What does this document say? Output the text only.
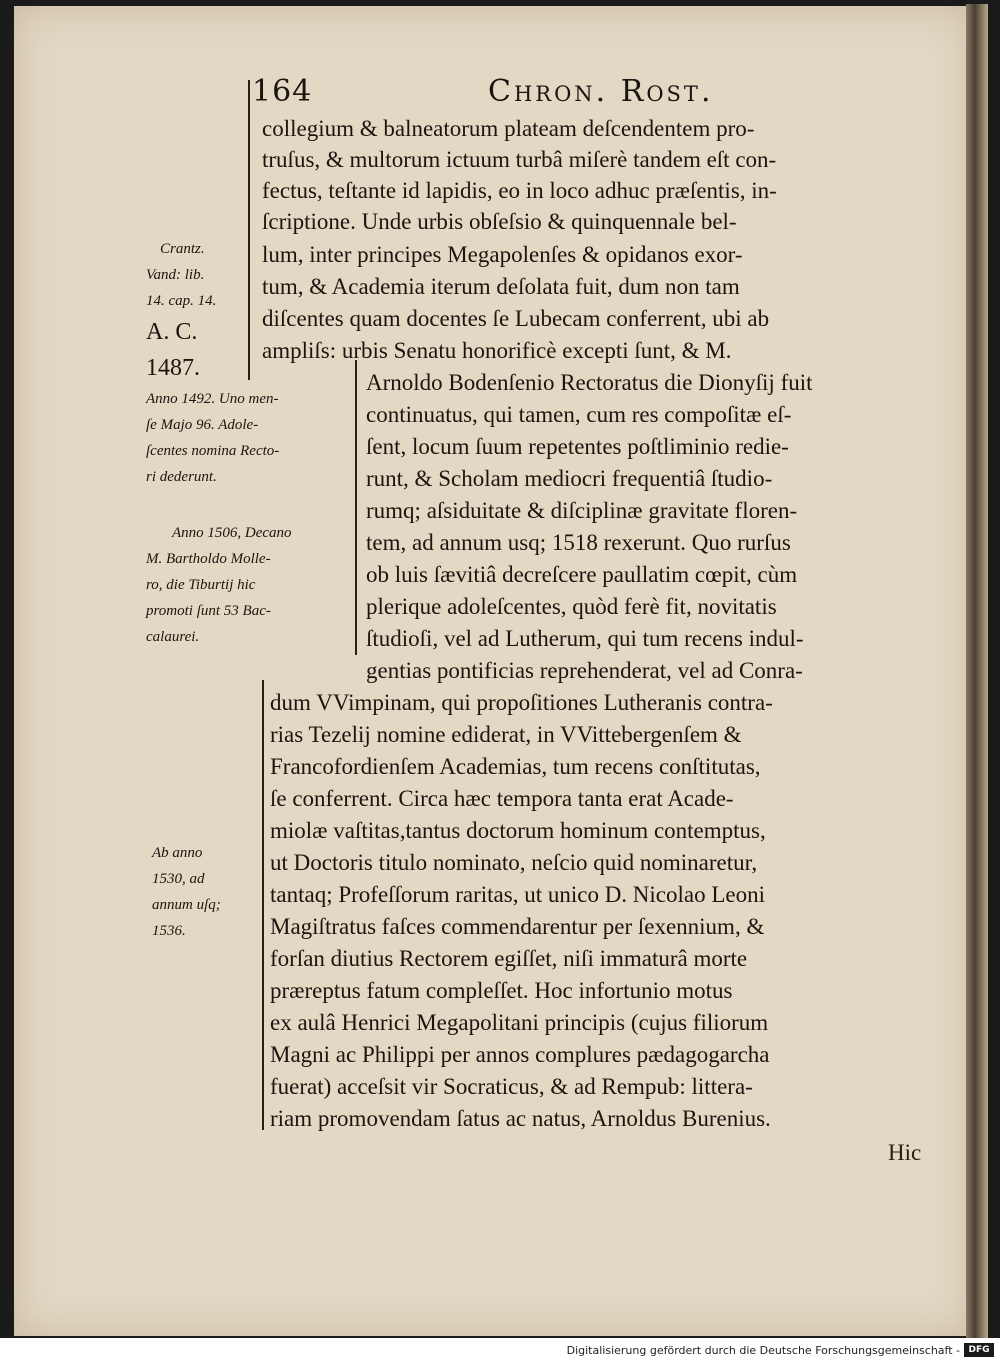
164	Chron. Rost.
collegium & balneatorum plateam deſcendentem pro-
truſus, & multorum ictuum turbâ miſerè tandem eſt con-
fectus, teſtante id lapidis, eo in loco adhuc præſentis, in-
ſcriptione. Unde urbis obſeſsio & quinquennale bel-
lum, inter principes Megapolenſes & opidanos exor-
tum, & Academia iterum deſolata fuit, dum non tam
diſcentes quam docentes ſe Lubecam conferrent, ubi ab
ampliſs: urbis Senatu honorificè excepti ſunt, & M.
Arnoldo Bodenſenio Rectoratus die Dionyſij fuit
continuatus, qui tamen, cum res compoſitæ eſ-
ſent, locum ſuum repetentes poſtliminio redie-
runt, & Scholam mediocri frequentiâ ſtudio-
rumq; aſsiduitate & diſciplinæ gravitate floren-
tem, ad annum usq; 1518 rexerunt. Quo rurſus
ob luis ſævitiâ decreſcere paullatim cœpit, cùm
plerique adoleſcentes, quòd ferè fit, novitatis
ſtudioſi, vel ad Lutherum, qui tum recens indul-
gentias pontificias reprehenderat, vel ad Conra-
dum VVimpinam, qui propoſitiones Lutheranis contra-
rias Tezelij nomine ediderat, in VVittebergenſem &
Francofordienſem Academias, tum recens conſtitutas,
ſe conferrent. Circa hæc tempora tanta erat Acade-
miolæ vaſtitas,tantus doctorum hominum contemptus,
ut Doctoris titulo nominato, neſcio quid nominaretur,
tantaq; Profeſſorum raritas, ut unico D. Nicolao Leoni
Magiſtratus faſces commendarentur per ſexennium, &
forſan diutius Rectorem egiſſet, niſi immaturâ morte
præreptus fatum compleſſet. Hoc infortunio motus
ex aulâ Henrici Megapolitani principis (cujus filiorum
Magni ac Philippi per annos complures pædagogarcha
fuerat) acceſsit vir Socraticus, & ad Rempub: littera-
riam promovendam ſatus ac natus, Arnoldus Burenius.
Crantz.
Vand: lib.
14. cap. 14.
A. C.
1487.
Anno 1492. Uno men-
ſe Majo 96. Adole-
ſcentes nomina Recto-
ri dederunt.
Anno 1506, Decano
M. Bartholdo Molle-
ro, die Tiburtij hic
promoti ſunt 53 Bac-
calaurei.
Ab anno
1530, ad
annum uſq;
1536.
Hic
Digitalisierung gefördert durch die Deutsche Forschungsgemeinschaft - DFG
